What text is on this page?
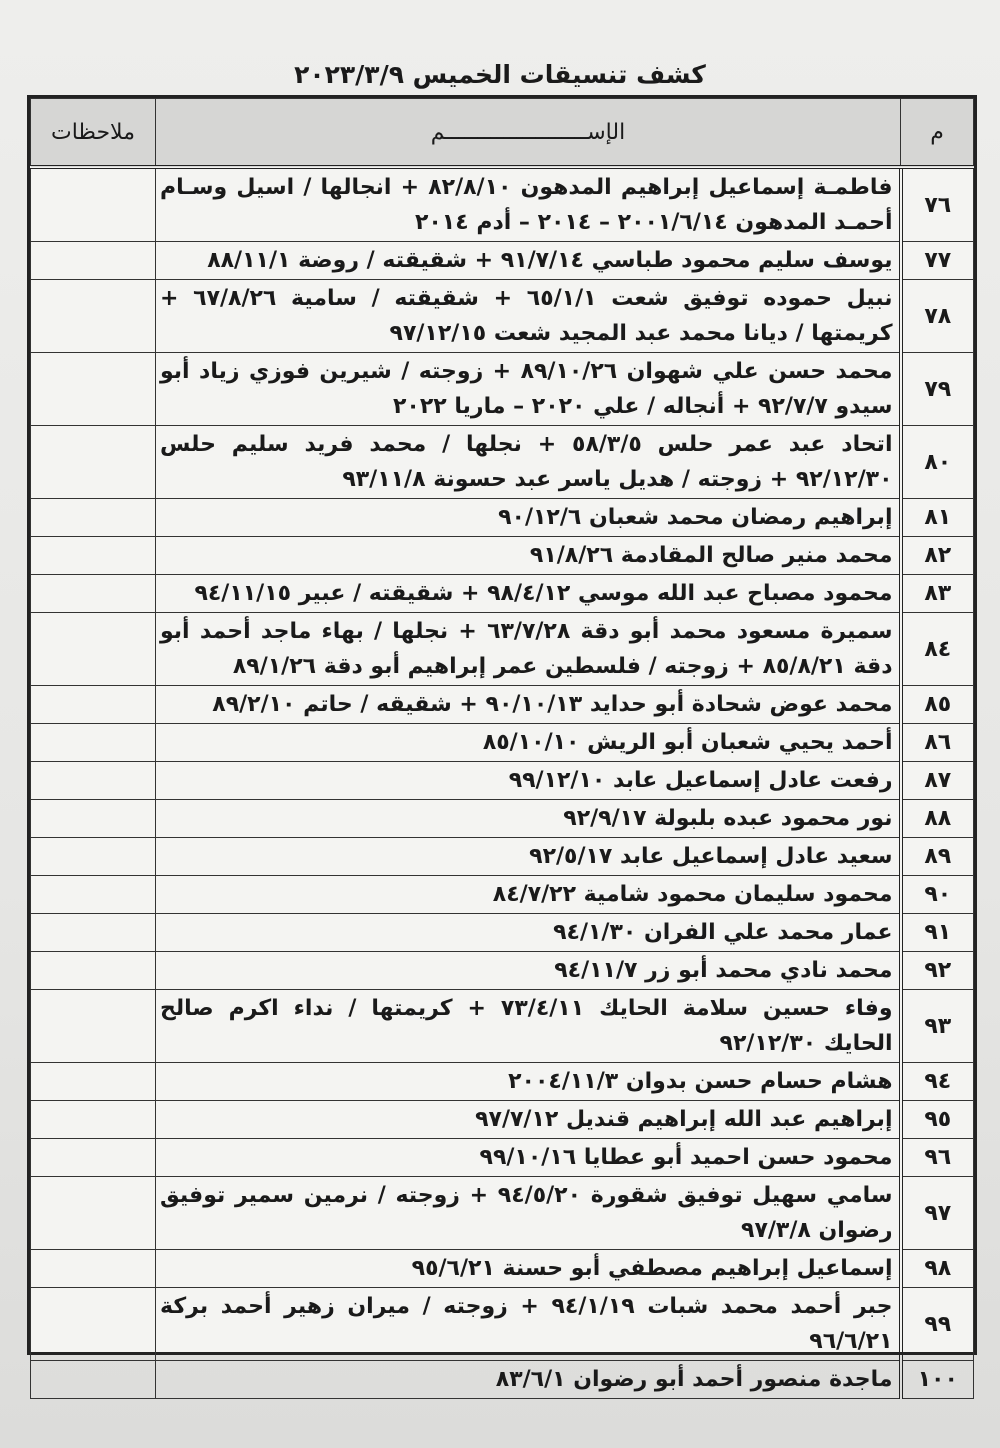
كشف تنسيقات الخميس ٢٠٢٣/٣/٩
م	الإســــــــــــــــــــــم	ملاحظات
٧٦	فاطمـة إسماعيل إبراهيم المدهون ٨٢/٨/١٠ + انجالها / اسيل وسـام أحمـد المدهون ٢٠٠١/٦/١٤ – ٢٠١٤ – أدم ٢٠١٤	
٧٧	يوسف سليم محمود طباسي ٩١/٧/١٤ + شقيقته / روضة ٨٨/١١/١	
٧٨	نبيل حموده توفيق شعت ٦٥/١/١ + شقيقته / سامية ٦٧/٨/٢٦ + كريمتها / ديانا محمد عبد المجيد شعت ٩٧/١٢/١٥	
٧٩	محمد حسن علي شهوان ٨٩/١٠/٢٦ + زوجته / شيرين فوزي زياد أبو سيدو ٩٢/٧/٧ + أنجاله / علي ٢٠٢٠ – ماريا ٢٠٢٢	
٨٠	اتحاد عبد عمر حلس ٥٨/٣/٥ + نجلها / محمد فريد سليم حلس ٩٢/١٢/٣٠ + زوجته / هديل ياسر عبد حسونة ٩٣/١١/٨	
٨١	إبراهيم رمضان محمد شعبان ٩٠/١٢/٦	
٨٢	محمد منير صالح المقادمة ٩١/٨/٢٦	
٨٣	محمود مصباح عبد الله موسي ٩٨/٤/١٢ + شقيقته / عبير ٩٤/١١/١٥	
٨٤	سميرة مسعود محمد أبو دقة ٦٣/٧/٢٨ + نجلها / بهاء ماجد أحمد أبو دقة ٨٥/٨/٢١ + زوجته / فلسطين عمر إبراهيم أبو دقة ٨٩/١/٢٦	
٨٥	محمد عوض شحادة أبو حدايد ٩٠/١٠/١٣ + شقيقه / حاتم ٨٩/٢/١٠	
٨٦	أحمد يحيي شعبان أبو الريش ٨٥/١٠/١٠	
٨٧	رفعت عادل إسماعيل عابد ٩٩/١٢/١٠	
٨٨	نور محمود عبده بلبولة ٩٢/٩/١٧	
٨٩	سعيد عادل إسماعيل عابد ٩٢/٥/١٧	
٩٠	محمود سليمان محمود شامية ٨٤/٧/٢٢	
٩١	عمار محمد علي الفران ٩٤/١/٣٠	
٩٢	محمد نادي محمد أبو زر ٩٤/١١/٧	
٩٣	وفاء حسين سلامة الحايك ٧٣/٤/١١ + كريمتها / نداء اكرم صالح الحايك ٩٢/١٢/٣٠	
٩٤	هشام حسام حسن بدوان ٢٠٠٤/١١/٣	
٩٥	إبراهيم عبد الله إبراهيم قنديل ٩٧/٧/١٢	
٩٦	محمود حسن احميد أبو عطايا ٩٩/١٠/١٦	
٩٧	سامي سهيل توفيق شقورة ٩٤/٥/٢٠ + زوجته / نرمين سمير توفيق رضوان ٩٧/٣/٨	
٩٨	إسماعيل إبراهيم مصطفي أبو حسنة ٩٥/٦/٢١	
٩٩	جبر أحمد محمد شبات ٩٤/١/١٩ + زوجته / ميران زهير أحمد بركة ٩٦/٦/٢١	
١٠٠	ماجدة منصور أحمد أبو رضوان ٨٣/٦/١	
